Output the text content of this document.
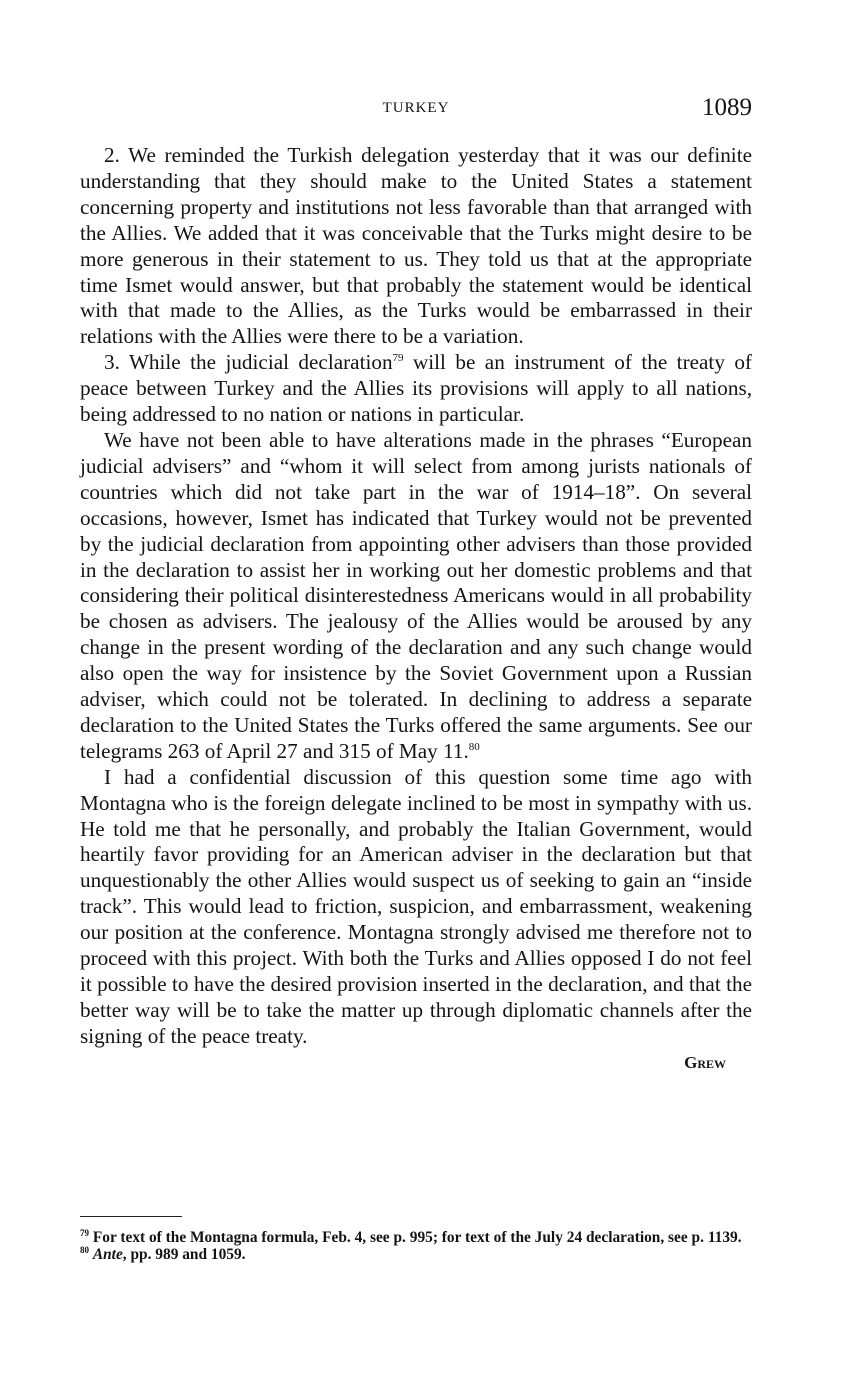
TURKEY	1089

2. We reminded the Turkish delegation yesterday that it was our definite understanding that they should make to the United States a statement concerning property and institutions not less favorable than that arranged with the Allies. We added that it was conceivable that the Turks might desire to be more generous in their statement to us. They told us that at the appropriate time Ismet would answer, but that probably the statement would be identical with that made to the Allies, as the Turks would be embarrassed in their relations with the Allies were there to be a variation.

3. While the judicial declaration$^{79}$ will be an instrument of the treaty of peace between Turkey and the Allies its provisions will apply to all nations, being addressed to no nation or nations in particular.

We have not been able to have alterations made in the phrases “European judicial advisers” and “whom it will select from among jurists nationals of countries which did not take part in the war of 1914–18”. On several occasions, however, Ismet has indicated that Turkey would not be prevented by the judicial declaration from appointing other advisers than those provided in the declaration to assist her in working out her domestic problems and that considering their political disinterestedness Americans would in all probability be chosen as advisers. The jealousy of the Allies would be aroused by any change in the present wording of the declaration and any such change would also open the way for insistence by the Soviet Government upon a Russian adviser, which could not be tolerated. In declining to address a separate declaration to the United States the Turks offered the same arguments. See our telegrams 263 of April 27 and 315 of May 11.80

I had a confidential discussion of this question some time ago with Montagna who is the foreign delegate inclined to be most in sympathy with us. He told me that he personally, and probably the Italian Government, would heartily favor providing for an American adviser in the declaration but that unquestionably the other Allies would suspect us of seeking to gain an “inside track”. This would lead to friction, suspicion, and embarrassment, weakening our position at the conference. Montagna strongly advised me therefore not to proceed with this project. With both the Turks and Allies opposed I do not feel it possible to have the desired provision inserted in the declaration, and that the better way will be to take the matter up through diplomatic channels after the signing of the peace treaty.

Grew

$^{79}$ For text of the Montagna formula, Feb. 4, see p. 995; for text of the July 24 declaration, see p. 1139.

$^{80}$ Ante, pp. 989 and 1059.
